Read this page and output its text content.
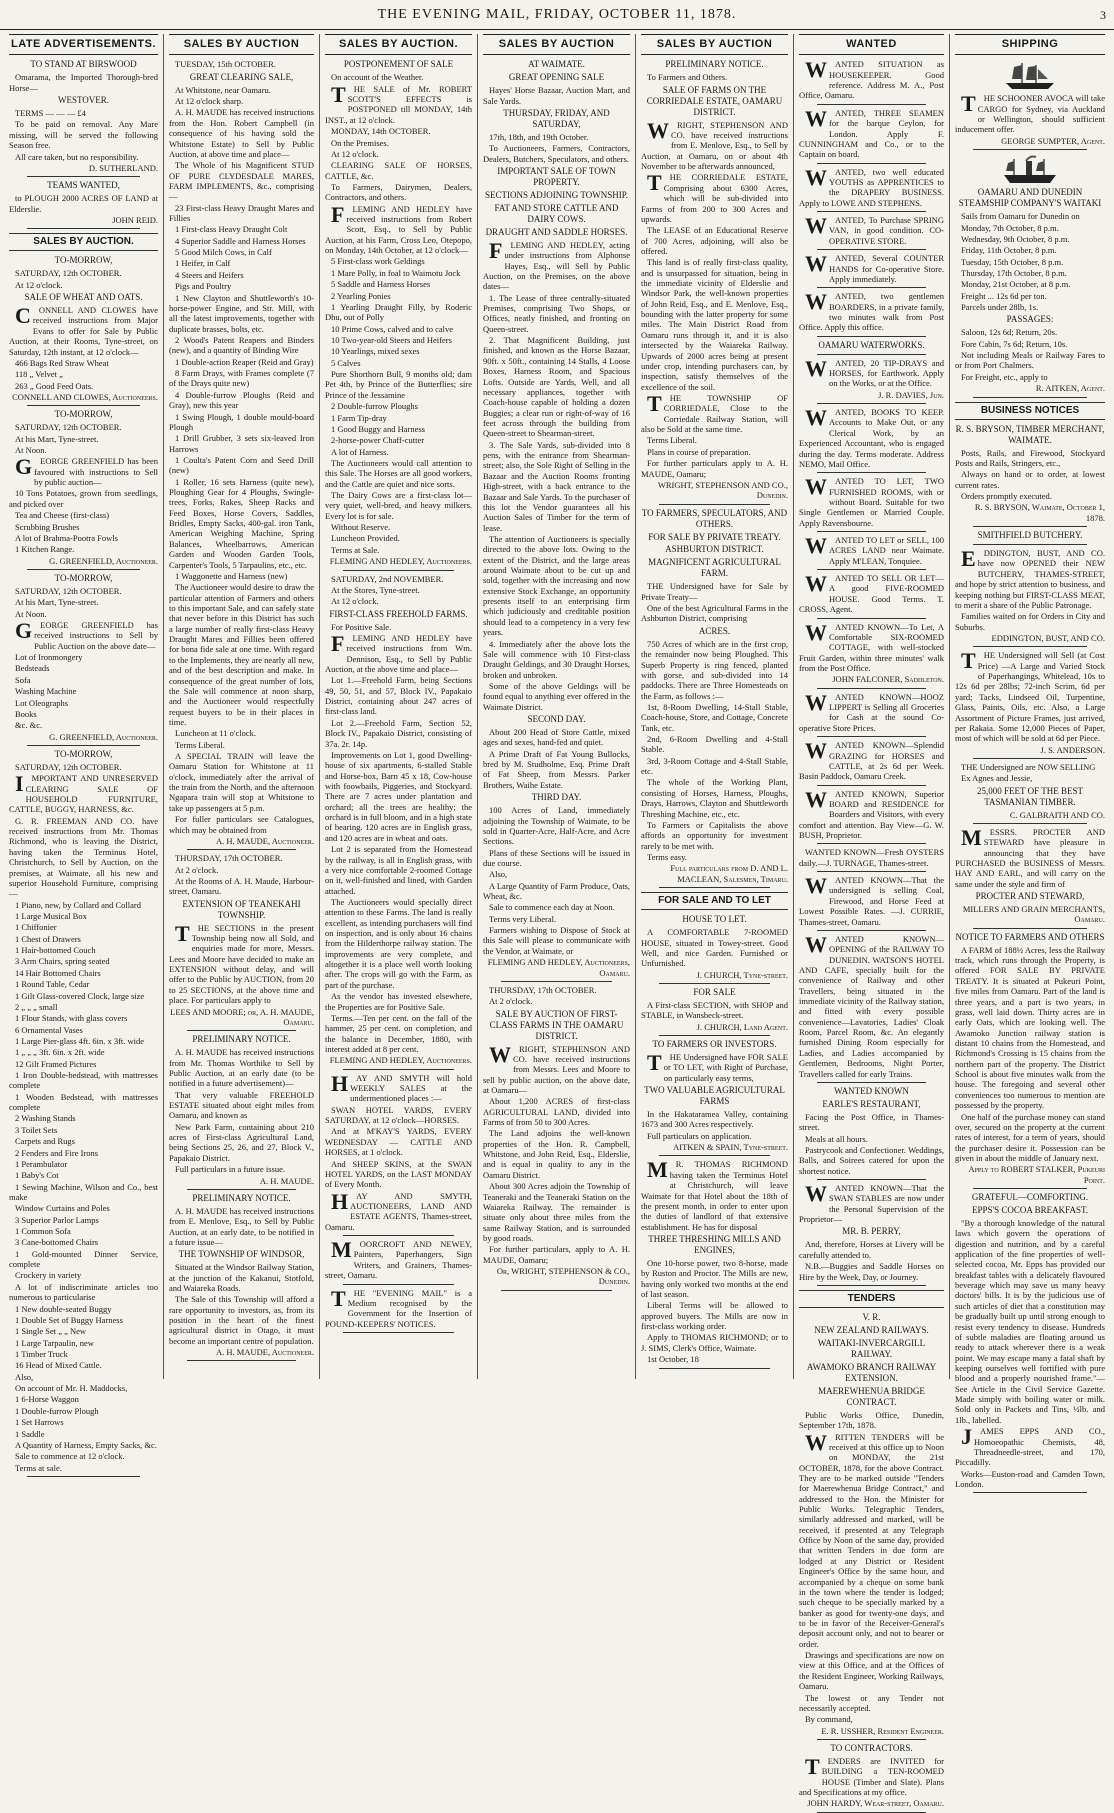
THE EVENING MAIL, FRIDAY, OCTOBER 11, 1878.	3
LATE ADVERTISEMENTS.

TO STAND AT BIRSWOOD

Omarama, the Imported Thorough-bred Horse—

WESTOVER.

TERMS — — — £4

To be paid on removal. Any Mare missing, will be served the following Season free.

All care taken, but no responsibility.

D. SUTHERLAND.

TEAMS WANTED,

to PLOUGH 2000 ACRES OF LAND at Elderslie.

JOHN REID.

SALES BY AUCTION.

TO-MORROW,

SATURDAY, 12th OCTOBER.

At 12 o'clock.

SALE OF WHEAT AND OATS.

CONNELL AND CLOWES have received instructions from Major Evans to offer for Sale by Public Auction, at their Rooms, Tyne-street, on Saturday, 12th instant, at 12 o'clock—

466 Bags Red Straw Wheat

118 „ Velvet „

263 „ Good Feed Oats.

CONNELL AND CLOWES, Auctioneers.

TO-MORROW,

SATURDAY, 12th OCTOBER.

At his Mart, Tyne-street.

At Noon.

GEORGE GREENFIELD has been favoured with instructions to Sell by public auction—

10 Tons Potatoes, grown from seedlings, and picked over

Tea and Cheese (first-class)

Scrubbing Brushes

A lot of Brahma-Pootra Fowls

1 Kitchen Range.

G. GREENFIELD, Auctioneer.

TO-MORROW,

SATURDAY, 12th OCTOBER.

At his Mart, Tyne-street.

At Noon.

GEORGE GREENFIELD has received instructions to Sell by Public Auction on the above date—

Lot of Ironmongery

Bedsteads

Sofa

Washing Machine

Lot Oleographs

Books

&c. &c.

G. GREENFIELD, Auctioneer.

TO-MORROW,

SATURDAY, 12th OCTOBER.

IMPORTANT AND UNRESERVED CLEARING SALE OF HOUSEHOLD FURNITURE, CATTLE, BUGGY, HARNESS, &c.

G. R. FREEMAN AND CO. have received instructions from Mr. Thomas Richmond, who is leaving the District, having taken the Terminus Hotel, Christchurch, to Sell by Auction, on the premises, at Waimate, all his new and superior Household Furniture, comprising—

1 Piano, new, by Collard and Collard

1 Large Musical Box

1 Chiffonier

1 Chest of Drawers

1 Hair-bottomed Couch

3 Arm Chairs, spring seated

14 Hair Bottomed Chairs

1 Round Table, Cedar

1 Gilt Glass-covered Clock, large size

2 „ „ „ small

1 Flour Stands, with glass covers

6 Ornamental Vases

1 Large Pier-glass 4ft. 6in. x 3ft. wide

1 „ „ „ 3ft. 6in. x 2ft. wide

12 Gilt Framed Pictures

1 Iron Double-bedstead, with mattresses complete

1 Wooden Bedstead, with mattresses complete

2 Washing Stands

3 Toilet Sets

Carpets and Rugs

2 Fenders and Fire Irons

1 Perambulator

1 Baby's Cot

1 Sewing Machine, Wilson and Co., best make

Window Curtains and Poles

3 Superior Parlor Lamps

1 Common Sofa

3 Cane-bottomed Chairs

1 Gold-mounted Dinner Service, complete

Crockery in variety

A lot of indiscriminate articles too numerous to particularise

1 New double-seated Buggy

1 Double Set of Buggy Harness

1 Single Set „ „ New

1 Large Tarpaulin, new

1 Timber Truck

16 Head of Mixed Cattle.

Also,

On account of Mr. H. Maddocks,

1 6-Horse Waggon

1 Double-furrow Plough

1 Set Harrows

1 Saddle

A Quantity of Harness, Empty Sacks, &c.

Sale to commence at 12 o'clock.

Terms at sale.

SALES BY AUCTION

TUESDAY, 15th OCTOBER.

GREAT CLEARING SALE,

At Whitstone, near Oamaru.

At 12 o'clock sharp.

A. H. MAUDE has received instructions from the Hon. Robert Campbell (in consequence of his having sold the Whitstone Estate) to Sell by Public Auction, at above time and place—

The Whole of his Magnificent STUD OF PURE CLYDESDALE MARES, FARM IMPLEMENTS, &c., comprising—

23 First-class Heavy Draught Mares and Fillies

1 First-class Heavy Draught Colt

4 Superior Saddle and Harness Horses

5 Good Milch Cows, in Calf

1 Heifer, in Calf

4 Steers and Heifers

Pigs and Poultry

1 New Clayton and Shuttleworth's 10-horse-power Engine, and Str. Mill, with all the latest improvements, together with duplicate brasses, bolts, etc.

2 Wood's Patent Reapers and Binders (new), and a quantity of Binding Wire

1 Double-action Reaper (Reid and Gray)

8 Farm Drays, with Frames complete (7 of the Drays quite new)

4 Double-furrow Ploughs (Reid and Gray), new this year

1 Swing Plough, 1 double mould-board Plough

1 Drill Grubber, 3 sets six-leaved Iron Harrows

1 Coulta's Patent Corn and Seed Drill (new)

1 Roller, 16 sets Harness (quite new), Ploughing Gear for 4 Ploughs, Swingle-trees, Forks, Rakes, Sheep Racks and Feed Boxes, Horse Covers, Saddles, Bridles, Empty Sacks, 400-gal. iron Tank, American Weighing Machine, Spring Balances, Wheelbarrows, American Garden and Wooden Garden Tools, Carpenter's Tools, 5 Tarpaulins, etc., etc.

1 Waggonette and Harness (new)

The Auctioneer would desire to draw the particular attention of Farmers and others to this important Sale, and can safely state that never before in this District has such a large number of really first-class Heavy Draught Mares and Fillies been offered for bona fide sale at one time. With regard to the Implements, they are nearly all new, and of the best description and make. In consequence of the great number of lots, the Sale will commence at noon sharp, and the Auctioneer would respectfully request buyers to be in their places in time.

Luncheon at 11 o'clock.

Terms Liberal.

A SPECIAL TRAIN will leave the Oamaru Station for Whitstone at 11 o'clock, immediately after the arrival of the train from the North, and the afternoon Ngapara train will stop at Whitstone to take up passengers at 5 p.m.

For fuller particulars see Catalogues, which may be obtained from

A. H. MAUDE, Auctioneer.

THURSDAY, 17th OCTOBER.

At 2 o'clock.

At the Rooms of A. H. Maude, Harbour-street, Oamaru.

EXTENSION OF TEANEKAHI TOWNSHIP.

THE SECTIONS in the present Township being now all Sold, and enquiries made for more, Messrs. Lees and Moore have decided to make an EXTENSION without delay, and will offer to the Public by AUCTION, from 20 to 25 SECTIONS, at the above time and place. For particulars apply to

LEES AND MOORE; or, A. H. MAUDE, Oamaru.

PRELIMINARY NOTICE.

A. H. MAUDE has received instructions from Mr. Thomas Worthike to Sell by Public Auction, at an early date (to be notified in a future advertisement)—

That very valuable FREEHOLD ESTATE situated about eight miles from Oamaru, and known as

New Park Farm, containing about 210 acres of First-class Agricultural Land, being Sections 25, 26, and 27, Block V., Papakaio District.

Full particulars in a future issue.

A. H. MAUDE.

PRELIMINARY NOTICE.

A. H. MAUDE has received instructions from E. Menlove, Esq., to Sell by Public Auction, at an early date, to be notified in a future issue—

THE TOWNSHIP OF WINDSOR,

Situated at the Windsor Railway Station, at the junction of the Kakanui, Stotfold, and Waiareka Roads.

The Sale of this Township will afford a rare opportunity to investors, as, from its position in the heart of the finest agricultural district in Otago, it must become an important centre of population.

A. H. MAUDE, Auctioneer.

SALES BY AUCTION.

POSTPONEMENT OF SALE

On account of the Weather.

THE SALE of Mr. ROBERT SCOTT'S EFFECTS is POSTPONED till MONDAY, 14th INST., at 12 o'clock.

MONDAY, 14th OCTOBER.

On the Premises.

At 12 o'clock.

CLEARING SALE OF HORSES, CATTLE, &c.

To Farmers, Dairymen, Dealers, Contractors, and others.

FLEMING AND HEDLEY have received instructions from Robert Scott, Esq., to Sell by Public Auction, at his Farm, Cross Leo, Otepopo, on Monday, 14th October, at 12 o'clock—

5 First-class work Geldings

1 Mare Polly, in foal to Waimotu Jock

5 Saddle and Harness Horses

2 Yearling Ponies

1 Yearling Draught Filly, by Roderic Dhu, out of Polly

10 Prime Cows, calved and to calve

10 Two-year-old Steers and Heifers

10 Yearlings, mixed sexes

5 Calves

Pure Shorthorn Bull, 9 months old; dam Pet 4th, by Prince of the Butterflies; sire Prince of the Jessamine

2 Double-furrow Ploughs

1 Farm Tip-dray

1 Good Buggy and Harness

2-horse-power Chaff-cutter

A lot of Harness.

The Auctioneers would call attention to this Sale. The Horses are all good workers, and the Cattle are quiet and nice sorts.

The Dairy Cows are a first-class lot—very quiet, well-bred, and heavy milkers. Every lot is for sale.

Without Reserve.

Luncheon Provided.

Terms at Sale.

FLEMING AND HEDLEY, Auctioneers.

SATURDAY, 2nd NOVEMBER.

At the Stores, Tyne-street.

At 12 o'clock.

FIRST-CLASS FREEHOLD FARMS.

For Positive Sale.

FLEMING AND HEDLEY have received instructions from Wm. Dennison, Esq., to Sell by Public Auction, at the above time and place—

Lot 1.—Freehold Farm, being Sections 49, 50, 51, and 57, Block IV., Papakaio District, containing about 247 acres of first-class land.

Lot 2.—Freehold Farm, Section 52, Block IV., Papakaio District, consisting of 37a. 2r. 14p.

Improvements on Lot 1, good Dwelling-house of six apartments, 6-stalled Stable and Horse-box, Barn 45 x 18, Cow-house with foowbails, Piggeries, and Stockyard. There are 7 acres under plantation and orchard; all the trees are healthy; the orchard is in full bloom, and in a high state of bearing. 120 acres are in English grass, and 120 acres are in wheat and oats.

Lot 2 is separated from the Homestead by the railway, is all in English grass, with a very nice comfortable 2-roomed Cottage on it, well-finished and lined, with Garden attached.

The Auctioneers would specially direct attention to these Farms. The land is really excellent, as intending purchasers will find on inspection, and is only about 16 chains from the Hilderthorpe railway station. The improvements are very complete, and altogether it is a place well worth looking after. The crops will go with the Farm, as part of the purchase.

As the vendor has invested elsewhere, the Properties are for Positive Sale.

Terms.—Ten per cent. on the fall of the hammer, 25 per cent. on completion, and the balance in December, 1880, with interest added at 8 per cent.

FLEMING AND HEDLEY, Auctioneers.

HAY AND SMYTH will hold WEEKLY SALES at the undermentioned places :—

SWAN HOTEL YARDS, EVERY SATURDAY, at 12 o'clock—HORSES.

And at M'KAY'S YARDS, EVERY WEDNESDAY — CATTLE AND HORSES, at 1 o'clock.

And SHEEP SKINS, at the SWAN HOTEL YARDS, on the LAST MONDAY of Every Month.

HAY AND SMYTH, AUCTIONEERS, LAND AND ESTATE AGENTS, Thames-street, Oamaru.

MOORCROFT AND NEWEY, Painters, Paperhangers, Sign Writers, and Grainers, Thames-street, Oamaru.

THE "EVENING MAIL" is a Medium recognised by the Government for the Insertion of POUND-KEEPERS' NOTICES.

SALES BY AUCTION

AT WAIMATE.

GREAT OPENING SALE

Hayes' Horse Bazaar, Auction Mart, and Sale Yards.

THURSDAY, FRIDAY, AND SATURDAY,

17th, 18th, and 19th October.

To Auctioneers, Farmers, Contractors, Dealers, Butchers, Speculators, and others.

IMPORTANT SALE OF TOWN PROPERTY.

SECTIONS ADJOINING TOWNSHIP.

FAT AND STORE CATTLE AND DAIRY COWS.

DRAUGHT AND SADDLE HORSES.

FLEMING AND HEDLEY, acting under instructions from Alphonse Hayes, Esq., will Sell by Public Auction, on the Premises, on the above dates—

1. The Lease of three centrally-situated Premises, comprising Two Shops, or Offices, neatly finished, and fronting on Queen-street.

2. That Magnificent Building, just finished, and known as the Horse Bazaar, 90ft. x 50ft., containing 14 Stalls, 4 Loose Boxes, Harness Room, and Spacious Lofts. Outside are Yards, Well, and all necessary appliances, together with Coach-house capable of holding a dozen Buggies; a clear run or right-of-way of 16 feet across through the building from Queen-street to Shearman-street.

3. The Sale Yards, sub-divided into 8 pens, with the entrance from Shearman-street; also, the Sole Right of Selling in the Bazaar and the Auction Rooms fronting High-street, with a back entrance to the Bazaar and Sale Yards. To the purchaser of this lot the Vendor guarantees all his Auction Sales of Timber for the term of lease.

The attention of Auctioneers is specially directed to the above lots. Owing to the extent of the District, and the large areas around Waimate about to be cut up and sold, together with the increasing and now extensive Stock Exchange, an opportunity presents itself to an enterprising firm which judiciously and creditable position should lead to a competency in a very few years.

4. Immediately after the above lots the Sale will commence with 10 First-class Draught Geldings, and 30 Draught Horses, broken and unbroken.

Some of the above Geldings will be found equal to anything ever offered in the Waimate District.

SECOND DAY.

About 200 Head of Store Cattle, mixed ages and sexes, hand-fed and quiet.

A Prime Draft of Fat Young Bullocks, bred by M. Studholme, Esq. Prime Draft of Fat Sheep, from Messrs. Parker Brothers, Waihe Estate.

THIRD DAY.

100 Acres of Land, immediately adjoining the Township of Waimate, to be sold in Quarter-Acre, Half-Acre, and Acre Sections.

Plans of these Sections will be issued in due course.

Also,

A Large Quantity of Farm Produce, Oats, Wheat, &c.

Sale to commence each day at Noon.

Terms very Liberal.

Farmers wishing to Dispose of Stock at this Sale will please to communicate with the Vendor, at Waimate, or

FLEMING AND HEDLEY, Auctioneers, Oamaru.

THURSDAY, 17th OCTOBER.

At 2 o'clock.

SALE BY AUCTION OF FIRST-CLASS FARMS IN THE OAMARU DISTRICT.

WRIGHT, STEPHENSON AND CO. have received instructions from Messrs. Lees and Moore to sell by public auction, on the above date, at Oamaru—

About 1,200 ACRES of first-class AGRICULTURAL LAND, divided into Farms of from 50 to 300 Acres.

The Land adjoins the well-known properties of the Hon. R. Campbell, Whitstone, and John Reid, Esq., Elderslie, and is equal in quality to any in the Oamaru District.

About 300 Acres adjoin the Township of Teaneraki and the Teaneraki Station on the Waiareka Railway. The remainder is situate only about three miles from the same Railway Station, and is surrounded by good roads.

For further particulars, apply to A. H. MAUDE, Oamaru;

Or, WRIGHT, STEPHENSON & CO., Dunedin.

SALES BY AUCTION

PRELIMINARY NOTICE.

To Farmers and Others.

SALE OF FARMS ON THE CORRIEDALE ESTATE, OAMARU DISTRICT.

WRIGHT, STEPHENSON AND CO. have received instructions from E. Menlove, Esq., to Sell by Auction, at Oamaru, on or about 4th November to be afterwards announced,

THE CORRIEDALE ESTATE, Comprising about 6300 Acres, which will be sub-divided into Farms of from 200 to 300 Acres and upwards.

The LEASE of an Educational Reserve of 700 Acres, adjoining, will also be offered.

This land is of really first-class quality, and is unsurpassed for situation, being in the immediate vicinity of Elderslie and Windsor Park, the well-known properties of John Reid, Esq., and E. Menlove, Esq., bounding with the latter property for some miles. The Main District Road from Oamaru runs through it, and it is also intersected by the Waiareka Railway. Upwards of 2000 acres being at present under crop, intending purchasers can, by inspection, satisfy themselves of the excellence of the soil.

THE TOWNSHIP OF CORRIEDALE, Close to the Corriedale Railway Station, will also be Sold at the same time.

Terms Liberal.

Plans in course of preparation.

For further particulars apply to A. H. MAUDE, Oamaru;

WRIGHT, STEPHENSON AND CO., Dunedin.

TO FARMERS, SPECULATORS, AND OTHERS.

FOR SALE BY PRIVATE TREATY.

ASHBURTON DISTRICT.

MAGNIFICENT AGRICULTURAL FARM.

THE Undersigned have for Sale by Private Treaty—

One of the best Agricultural Farms in the Ashburton District, comprising

ACRES.

750 Acres of which are in the first crop, the remainder now being Ploughed. This Superb Property is ring fenced, planted with gorse, and sub-divided into 14 paddocks. There are Three Homesteads on the Farm, as follows :—

1st, 8-Room Dwelling, 14-Stall Stable, Coach-house, Store, and Cottage, Concrete Tank, etc.

2nd, 6-Room Dwelling and 4-Stall Stable.

3rd, 3-Room Cottage and 4-Stall Stable, etc.

The whole of the Working Plant, consisting of Horses, Harness, Ploughs, Drays, Harrows, Clayton and Shuttleworth Threshing Machine, etc., etc.

To Farmers or Capitalists the above affords an opportunity for investment rarely to be met with.

Terms easy.

Full particulars from D. AND L. MACLEAN, Salesmen, Timaru.

FOR SALE AND TO LET

HOUSE TO LET.

A COMFORTABLE 7-ROOMED HOUSE, situated in Towey-street. Good Well, and nice Garden. Furnished or Unfurnished.

J. CHURCH, Tyne-street.

FOR SALE

A First-class SECTION, with SHOP and STABLE, in Wansbeck-street.

J. CHURCH, Land Agent.

TO FARMERS OR INVESTORS.

THE Undersigned have FOR SALE or TO LET, with Right of Purchase, on particularly easy terms,

TWO VALUABLE AGRICULTURAL FARMS

In the Hakataramea Valley, containing 1673 and 300 Acres respectively.

Full particulars on application.

AITKEN & SPAIN, Tyne-street.

MR. THOMAS RICHMOND having taken the Terminus Hotel at Christchurch, will leave Waimate for that Hotel about the 18th of the present month, in order to enter upon the duties of landlord of that extensive establishment. He has for disposal

THREE THRESHING MILLS AND ENGINES,

One 10-horse power, two 8-horse, made by Ruston and Proctor. The Mills are new, having only worked two months at the end of last season.

Liberal Terms will be allowed to approved buyers. The Mills are now in first-class working order.

Apply to THOMAS RICHMOND; or to J. SIMS, Clerk's Office, Waimate.

1st October, 18

WANTED

WANTED SITUATION as HOUSEKEEPER. Good reference. Address M. A., Post Office, Oamaru.

WANTED, THREE SEAMEN for the barque Ceylon, for London. Apply F. CUNNINGHAM and Co., or to the Captain on board.

WANTED, two well educated YOUTHS as APPRENTICES to the DRAPERY BUSINESS. Apply to LOWE AND STEPHENS.

WANTED, To Purchase SPRING VAN, in good condition. CO-OPERATIVE STORE.

WANTED, Several COUNTER HANDS for Co-operative Store. Apply immediately.

WANTED, two gentlemen BOARDERS, in a private family, two minutes walk from Post Office. Apply this office.

OAMARU WATERWORKS.

WANTED, 20 TIP-DRAYS and HORSES, for Earthwork. Apply on the Works, or at the Office.

J. R. DAVIES, Jun.

WANTED, BOOKS TO KEEP. Accounts to Make Out, or any Clerical Work, by an Experienced Accountant, who is engaged during the day. Terms moderate. Address NEMO, Mail Office.

WANTED TO LET, TWO FURNISHED ROOMS, with or without Board. Suitable for two Single Gentlemen or Married Couple. Apply Ravensbourne.

WANTED TO LET or SELL, 100 ACRES LAND near Waimate. Apply M'LEAN, Tonquiee.

WANTED TO SELL OR LET—A good FIVE-ROOMED HOUSE. Good Terms. T. CROSS, Agent.

WANTED KNOWN—To Let, A Comfortable SIX-ROOMED COTTAGE, with well-stocked Fruit Garden, within three minutes' walk from the Post Office.

JOHN FALCONER, Saddleton.

WANTED KNOWN—HOOZ LIPPERT is Selling all Groceries for Cash at the sound Co-operative Store Prices.

WANTED KNOWN—Splendid GRAZING for HORSES and CATTLE, at 2s 6d per Week. Basin Paddock, Oamaru Creek.

WANTED KNOWN, Superior BOARD and RESIDENCE for Boarders and Visitors, with every comfort and attention. Bay View—G. W. BUSH, Proprietor.

WANTED KNOWN—Fresh OYSTERS daily.—J. TURNAGE, Thames-street.

WANTED KNOWN—That the undersigned is selling Coal, Firewood, and Horse Feed at Lowest Possible Rates. —J. CURRIE, Thames-street, Oamaru.

WANTED KNOWN—OPENING of the RAILWAY TO DUNEDIN. WATSON'S HOTEL AND CAFE, specially built for the convenience of Railway and other Travellers, being situated in the immediate vicinity of the Railway station, and fitted with every possible convenience—Lavatories, Ladies' Cloak Room, Parcel Room, &c. An elegantly furnished Dining Room especially for Ladies, and Ladies accompanied by Gentlemen, Bedrooms, Night Porter, Travellers called for early Trains.

WANTED KNOWN

EARLE'S RESTAURANT,

Facing the Post Office, in Thames-street.

Meals at all hours.

Pastrycook and Confectioner. Weddings, Balls, and Soirees catered for upon the shortest notice.

WANTED KNOWN—That the SWAN STABLES are now under the Personal Supervision of the Proprietor—

MR. B. PERRY,

And, therefore, Horses at Livery will be carefully attended to.

N.B.—Buggies and Saddle Horses on Hire by the Week, Day, or Journey.

TENDERS

V. R.

NEW ZEALAND RAILWAYS.

WAITAKI-INVERCARGILL RAILWAY.

AWAMOKO BRANCH RAILWAY EXTENSION.

MAEREWHENUA BRIDGE CONTRACT.

Public Works Office, Dunedin, September 17th, 1878.

WRITTEN TENDERS will be received at this office up to Noon on MONDAY, the 21st OCTOBER, 1878, for the above Contract. They are to be marked outside "Tenders for Maerewhenua Bridge Contract," and addressed to the Hon. the Minister for Public Works. Telegraphic Tenders, similarly addressed and marked, will be received, if presented at any Telegraph Office by Noon of the same day, provided that written Tenders in due form are lodged at any District or Resident Engineer's Office by the same hour, and accompanied by a cheque on some bank in the town where the tender is lodged; such cheque to be specially marked by a banker as good for twenty-one days, and to be in favor of the Receiver-General's deposit account only, and not to bearer or order.

Drawings and specifications are now on view at this Office, and at the Offices of the Resident Engineer, Working Railways, Oamaru.

The lowest or any Tender not necessarily accepted.

By command,

E. R. USSHER, Resident Engineer.

TO CONTRACTORS.

TENDERS are INVITED for BUILDING a TEN-ROOMED HOUSE (Timber and Slate). Plans and Specifications at my office.

JOHN HARDY, Wear-street, Oamaru.

SHIPPING

THE SCHOONER AVOCA will take CARGO for Sydney, via Auckland or Wellington, should sufficient inducement offer.

GEORGE SUMPTER, Agent.

OAMARU AND DUNEDIN STEAMSHIP COMPANY'S WAITAKI

Sails from Oamaru for Dunedin on

Monday, 7th October, 8 p.m.

Wednesday, 9th October, 8 p.m.

Friday, 11th October, 8 p.m.

Tuesday, 15th October, 8 p.m.

Thursday, 17th October, 8 p.m.

Monday, 21st October, at 8 p.m.

Freight ... 12s 6d per ton.

Parcels under 28lb, 1s.

PASSAGES:

Saloon, 12s 6d; Return, 20s.

Fore Cabin, 7s 6d; Return, 10s.

Not including Meals or Railway Fares to or from Port Chalmers.

For Freight, etc., apply to

R. AITKEN, Agent.

BUSINESS NOTICES

R. S. BRYSON, TIMBER MERCHANT, WAIMATE.

Posts, Rails, and Firewood, Stockyard Posts and Rails, Stringers, etc.,

Always on hand or to order, at lowest current rates.

Orders promptly executed.

R. S. BRYSON, Waimate, October 1, 1878.

SMITHFIELD BUTCHERY.

EDDINGTON, BUST, AND CO. have now OPENED their NEW BUTCHERY, THAMES-STREET, and hope by strict attention to business, and keeping nothing but FIRST-CLASS MEAT, to merit a share of the Public Patronage.

Families waited on for Orders in City and Suburbs.

EDDINGTON, BUST, AND CO.

THE Undersigned will Sell (at Cost Price) —A Large and Varied Stock of Paperhangings, Whitelead, 10s to 12s 6d per 28lbs; 72-inch Scrim, 6d per yard; Tacks, Lindseed Oil, Turpentine, Glass, Paints, Oils, etc. Also, a Large Assortment of Picture Frames, just arrived, per Rakaia. Some 12,000 Pieces of Paper, most of which will be sold at 6d per Piece.

J. S. ANDERSON.

THE Undersigned are NOW SELLING

Ex Agnes and Jessie,

25,000 FEET OF THE BEST TASMANIAN TIMBER.

C. GALBRAITH AND CO.

MESSRS. PROCTER AND STEWARD have pleasure in announcing that they have PURCHASED the BUSINESS of Messrs. HAY AND EARL, and will carry on the same under the style and firm of

PROCTER AND STEWARD,

MILLERS AND GRAIN MERCHANTS, Oamaru.

NOTICE TO FARMERS AND OTHERS

A FARM of 188½ Acres, less the Railway track, which runs through the Property, is offered FOR SALE BY PRIVATE TREATY. It is situated at Pukeuri Point, five miles from Oamaru. Part of the land is three years, and a part is two years, in grass, well laid down. Thirty acres are in early Oats, which are looking well. The Awamoko Junction railway station is distant 10 chains from the Homestead, and Richmond's Crossing is 15 chains from the northern part of the property. The District School is about five minutes walk from the house. The foregoing and several other conveniences too numerous to mention are possessed by the property.

One half of the purchase money can stand over, secured on the property at the current rates of interest, for a term of years, should the purchaser desire it. Possession can be given in about the middle of January next.

Apply to ROBERT STALKER, Pukeuri Point.

GRATEFUL—COMFORTING.

EPPS'S COCOA BREAKFAST.

"By a thorough knowledge of the natural laws which govern the operations of digestion and nutrition, and by a careful application of the fine properties of well-selected cocoa, Mr. Epps has provided our breakfast tables with a delicately flavoured beverage which may save us many heavy doctors' bills. It is by the judicious use of such articles of diet that a constitution may be gradually built up until strong enough to resist every tendency to disease. Hundreds of subtle maladies are floating around us ready to attack wherever there is a weak point. We may escape many a fatal shaft by keeping ourselves well fortified with pure blood and a properly nourished frame."—See Article in the Civil Service Gazette. Made simply with boiling water or milk. Sold only in Packets and Tins, ½lb. and 1lb., labelled.

JAMES EPPS AND CO., Homoeopathic Chemists, 48, Threadneedle-street, and 170, Piccadilly.

Works—Euston-road and Camden Town, London.
